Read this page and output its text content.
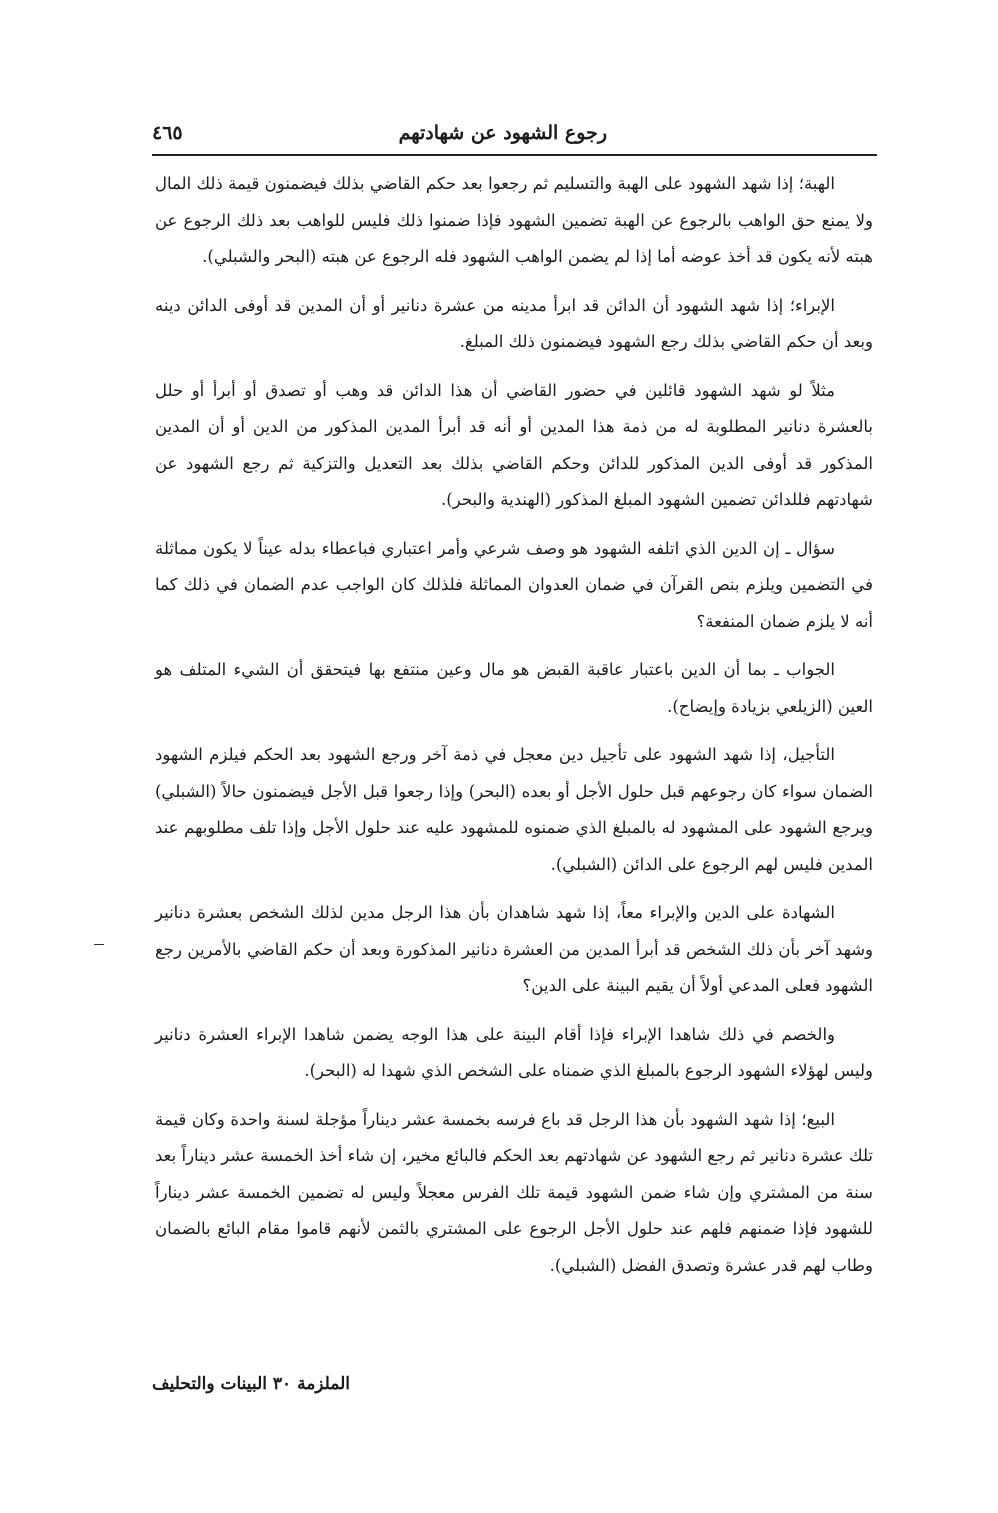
رجوع الشهود عن شهادتهم
٤٦٥

الهبة؛ إذا شهد الشهود على الهبة والتسليم ثم رجعوا بعد حكم القاضي بذلك فيضمنون قيمة ذلك المال ولا يمنع حق الواهب بالرجوع عن الهبة تضمين الشهود فإذا ضمنوا ذلك فليس للواهب بعد ذلك الرجوع عن هبته لأنه يكون قد أخذ عوضه أما إذا لم يضمن الواهب الشهود فله الرجوع عن هبته (البحر والشبلي).

الإبراء؛ إذا شهد الشهود أن الدائن قد ابرأ مدينه من عشرة دنانير أو أن المدين قد أوفى الدائن دينه وبعد أن حكم القاضي بذلك رجع الشهود فيضمنون ذلك المبلغ.

مثلاً لو شهد الشهود قائلين في حضور القاضي أن هذا الدائن قد وهب أو تصدق أو أبرأ أو حلل بالعشرة دنانير المطلوبة له من ذمة هذا المدين أو أنه قد أبرأ المدين المذكور من الدين أو أن المدين المذكور قد أوفى الدين المذكور للدائن وحكم القاضي بذلك بعد التعديل والتزكية ثم رجع الشهود عن شهادتهم فللدائن تضمين الشهود المبلغ المذكور (الهندية والبحر).

سؤال ـ إن الدين الذي اتلفه الشهود هو وصف شرعي وأمر اعتباري فباعطاء بدله عيناً لا يكون مماثلة في التضمين ويلزم بنص القرآن في ضمان العدوان المماثلة فلذلك كان الواجب عدم الضمان في ذلك كما أنه لا يلزم ضمان المنفعة؟

الجواب ـ بما أن الدين باعتبار عاقبة القبض هو مال وعين منتفع بها فيتحقق أن الشيء المتلف هو العين (الزيلعي بزيادة وإيضاح).

التأجيل، إذا شهد الشهود على تأجيل دين معجل في ذمة آخر ورجع الشهود بعد الحكم فيلزم الشهود الضمان سواء كان رجوعهم قبل حلول الأجل أو بعده (البحر) وإذا رجعوا قبل الأجل فيضمنون حالاً (الشبلي) ويرجع الشهود على المشهود له بالمبلغ الذي ضمنوه للمشهود عليه عند حلول الأجل وإذا تلف مطلوبهم عند المدين فليس لهم الرجوع على الدائن (الشبلي).

الشهادة على الدين والإبراء معاً، إذا شهد شاهدان بأن هذا الرجل مدين لذلك الشخص بعشرة دنانير وشهد آخر بأن ذلك الشخص قد أبرأ المدين من العشرة دنانير المذكورة وبعد أن حكم القاضي بالأمرين رجع الشهود فعلى المدعي أولاً أن يقيم البينة على الدين؟

والخصم في ذلك شاهدا الإبراء فإذا أقام البينة على هذا الوجه يضمن شاهدا الإبراء العشرة دنانير وليس لهؤلاء الشهود الرجوع بالمبلغ الذي ضمناه على الشخص الذي شهدا له (البحر).

البيع؛ إذا شهد الشهود بأن هذا الرجل قد باع فرسه بخمسة عشر ديناراً مؤجلة لسنة واحدة وكان قيمة تلك عشرة دنانير ثم رجع الشهود عن شهادتهم بعد الحكم فالبائع مخير، إن شاء أخذ الخمسة عشر ديناراً بعد سنة من المشتري وإن شاء ضمن الشهود قيمة تلك الفرس معجلاً وليس له تضمين الخمسة عشر ديناراً للشهود فإذا ضمنهم فلهم عند حلول الأجل الرجوع على المشتري بالثمن لأنهم قاموا مقام البائع بالضمان وطاب لهم قدر عشرة وتصدق الفضل (الشبلي).

الملزمة ٣٠ البينات والتحليف
